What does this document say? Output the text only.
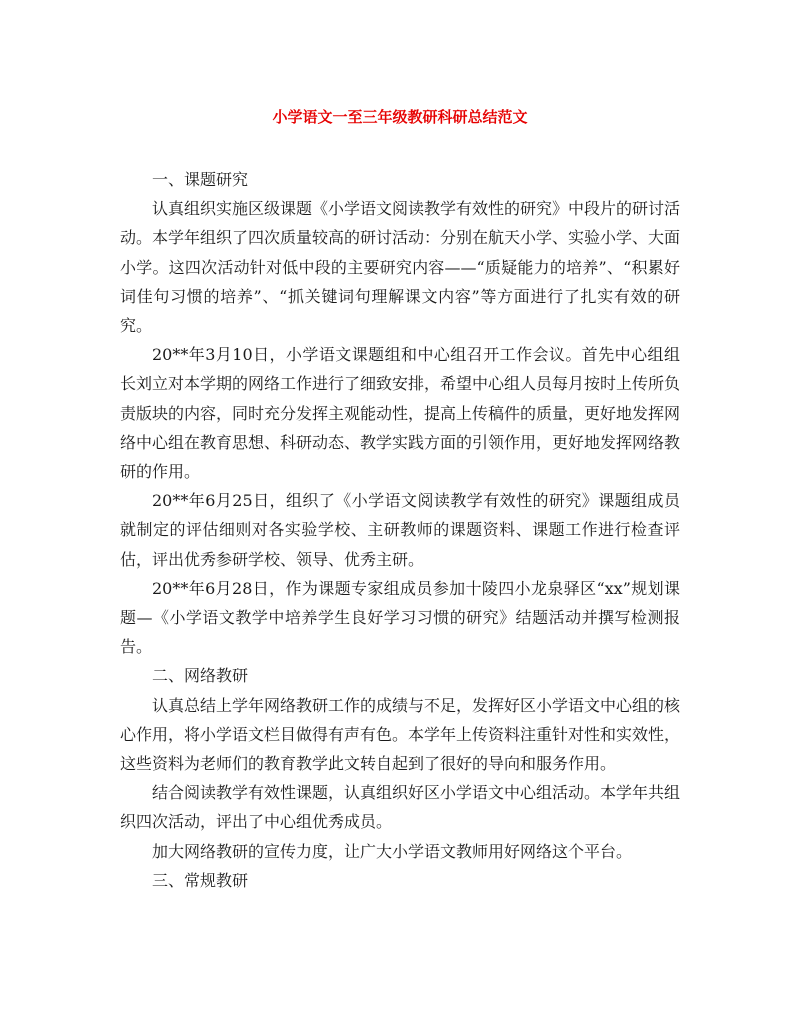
小学语文一至三年级教研科研总结范文

一、课题研究

认真组织实施区级课题《小学语文阅读教学有效性的研究》中段片的研讨活动。本学年组织了四次质量较高的研讨活动：分别在航天小学、实验小学、大面小学。这四次活动针对低中段的主要研究内容——“质疑能力的培养”、“积累好词佳句习惯的培养”、“抓关键词句理解课文内容”等方面进行了扎实有效的研究。

20**年3月10日，小学语文课题组和中心组召开工作会议。首先中心组组长刘立对本学期的网络工作进行了细致安排，希望中心组人员每月按时上传所负责版块的内容，同时充分发挥主观能动性，提高上传稿件的质量，更好地发挥网络中心组在教育思想、科研动态、教学实践方面的引领作用，更好地发挥网络教研的作用。

20**年6月25日，组织了《小学语文阅读教学有效性的研究》课题组成员就制定的评估细则对各实验学校、主研教师的课题资料、课题工作进行检查评估，评出优秀参研学校、领导、优秀主研。

20**年6月28日，作为课题专家组成员参加十陵四小龙泉驿区“xx”规划课题—《小学语文教学中培养学生良好学习习惯的研究》结题活动并撰写检测报告。

二、网络教研

认真总结上学年网络教研工作的成绩与不足，发挥好区小学语文中心组的核心作用，将小学语文栏目做得有声有色。本学年上传资料注重针对性和实效性，这些资料为老师们的教育教学此文转自起到了很好的导向和服务作用。

结合阅读教学有效性课题，认真组织好区小学语文中心组活动。本学年共组织四次活动，评出了中心组优秀成员。

加大网络教研的宣传力度，让广大小学语文教师用好网络这个平台。

三、常规教研
